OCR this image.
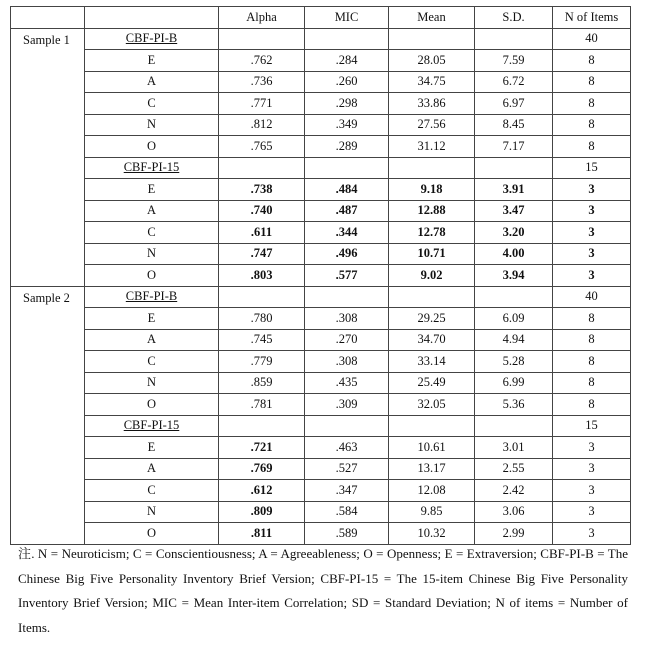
		Alpha	MIC	Mean	S.D.	N of Items
Sample 1	CBF-PI-B					40
	E	.762	.284	28.05	7.59	8
	A	.736	.260	34.75	6.72	8
	C	.771	.298	33.86	6.97	8
	N	.812	.349	27.56	8.45	8
	O	.765	.289	31.12	7.17	8
	CBF-PI-15					15
	E	.738	.484	9.18	3.91	3
	A	.740	.487	12.88	3.47	3
	C	.611	.344	12.78	3.20	3
	N	.747	.496	10.71	4.00	3
	O	.803	.577	9.02	3.94	3
Sample 2	CBF-PI-B					40
	E	.780	.308	29.25	6.09	8
	A	.745	.270	34.70	4.94	8
	C	.779	.308	33.14	5.28	8
	N	.859	.435	25.49	6.99	8
	O	.781	.309	32.05	5.36	8
	CBF-PI-15					15
	E	.721	.463	10.61	3.01	3
	A	.769	.527	13.17	2.55	3
	C	.612	.347	12.08	2.42	3
	N	.809	.584	9.85	3.06	3
	O	.811	.589	10.32	2.99	3
注. N = Neuroticism; C = Conscientiousness; A = Agreeableness; O = Openness; E = Extraversion; CBF-PI-B = The Chinese Big Five Personality Inventory Brief Version; CBF-PI-15 = The 15-item Chinese Big Five Personality Inventory Brief Version; MIC = Mean Inter-item Correlation; SD = Standard Deviation; N of items = Number of Items.
